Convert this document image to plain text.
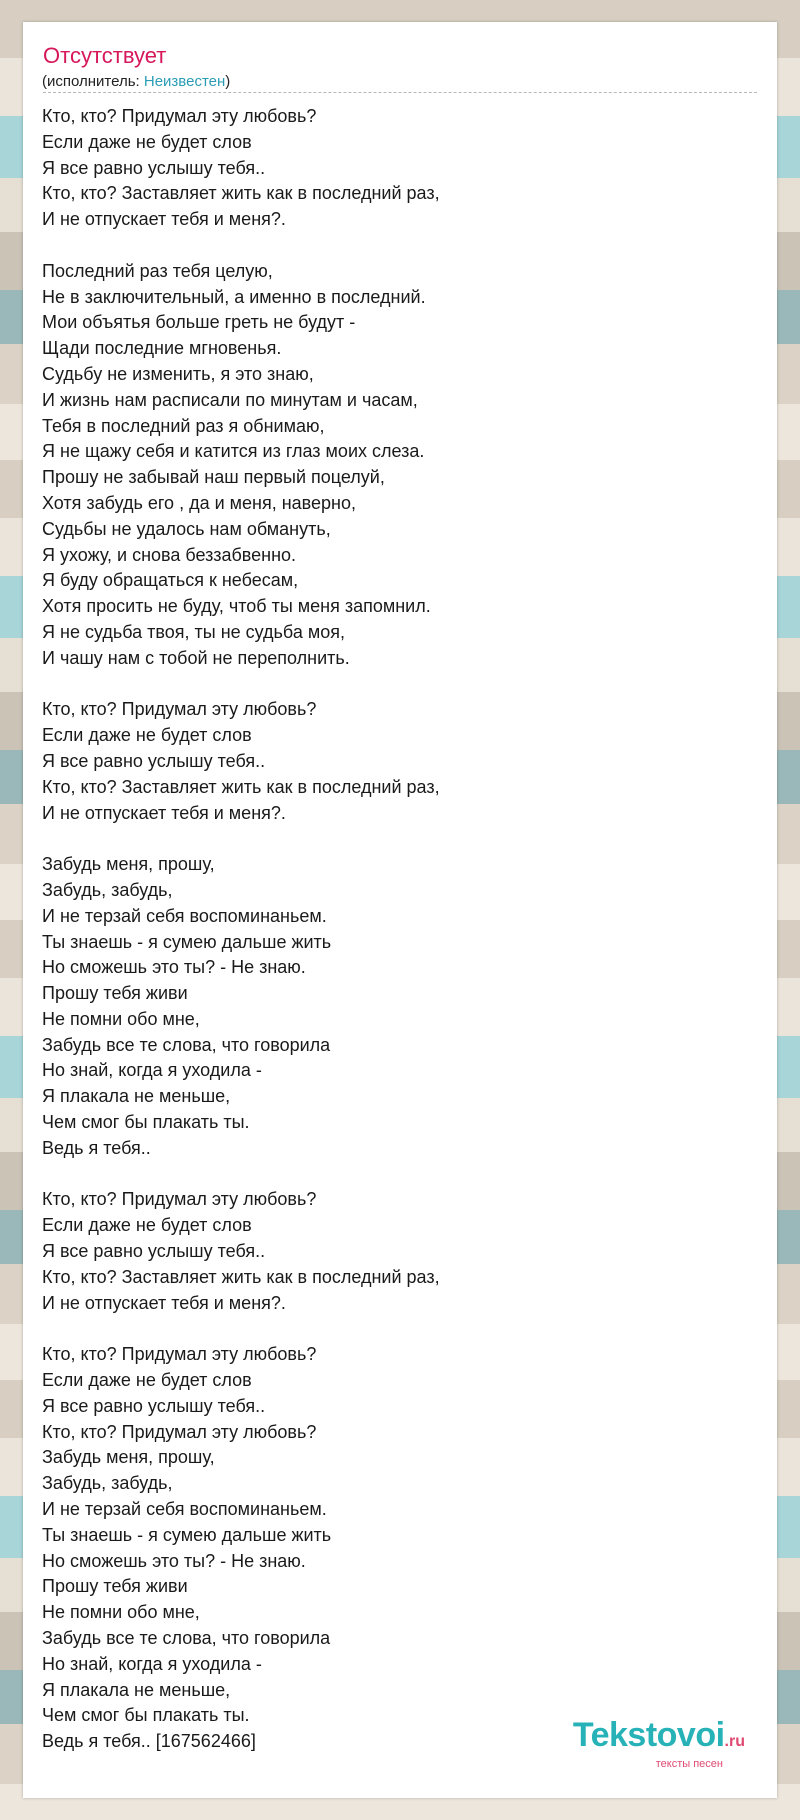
Отсутствует
(исполнитель: Неизвестен)
Кто, кто? Придумал эту любовь?
Если даже не будет слов
Я все равно услышу тебя..
Кто, кто? Заставляет жить как в последний раз,
И не отпускает тебя и меня?.
Последний раз тебя целую,
Не в заключительный, а именно в последний.
Мои объятья больше греть не будут -
Щади последние мгновенья.
Судьбу не изменить, я это знаю,
И жизнь нам расписали по минутам и часам,
Тебя в последний раз я обнимаю,
Я не щажу себя и катится из глаз моих слеза.
Прошу не забывай наш первый поцелуй,
Хотя забудь его , да и меня, наверно,
Судьбы не удалось нам обмануть,
Я ухожу, и снова беззабвенно.
Я буду обращаться к небесам,
Хотя просить не буду, чтоб ты меня запомнил.
Я не судьба твоя, ты не судьба моя,
И чашу нам с тобой не переполнить.
Кто, кто? Придумал эту любовь?
Если даже не будет слов
Я все равно услышу тебя..
Кто, кто? Заставляет жить как в последний раз,
И не отпускает тебя и меня?.
Забудь меня, прошу,
Забудь, забудь,
И не терзай себя воспоминаньем.
Ты знаешь - я сумею дальше жить
Но сможешь это ты? - Не знаю.
Прошу тебя живи
Не помни обо мне,
Забудь все те слова, что говорила
Но знай, когда я уходила -
Я плакала не меньше,
Чем смог бы плакать ты.
Ведь я тебя..
Кто, кто? Придумал эту любовь?
Если даже не будет слов
Я все равно услышу тебя..
Кто, кто? Заставляет жить как в последний раз,
И не отпускает тебя и меня?.
Кто, кто? Придумал эту любовь?
Если даже не будет слов
Я все равно услышу тебя..
Кто, кто? Придумал эту любовь?
Забудь меня, прошу,
Забудь, забудь,
И не терзай себя воспоминаньем.
Ты знаешь - я сумею дальше жить
Но сможешь это ты? - Не знаю.
Прошу тебя живи
Не помни обо мне,
Забудь все те слова, что говорила
Но знай, когда я уходила -
Я плакала не меньше,
Чем смог бы плакать ты.
Ведь я тебя.. [167562466]	Tekstovoi.ru
тексты песен
